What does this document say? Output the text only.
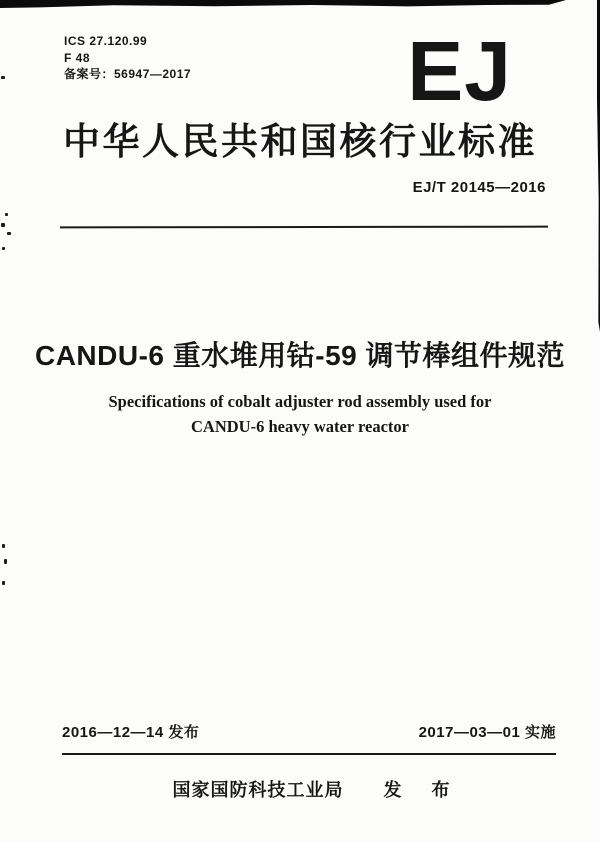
ICS 27.120.99
F 48
备案号：56947—2017	EJ
中华人民共和国核行业标准
EJ/T 20145—2016
CANDU-6 重水堆用钴-59 调节棒组件规范
Specifications of cobalt adjuster rod assembly used for
CANDU-6 heavy water reactor
2016—12—14 发布	2017—03—01 实施
国家国防科技工业局 发　布
